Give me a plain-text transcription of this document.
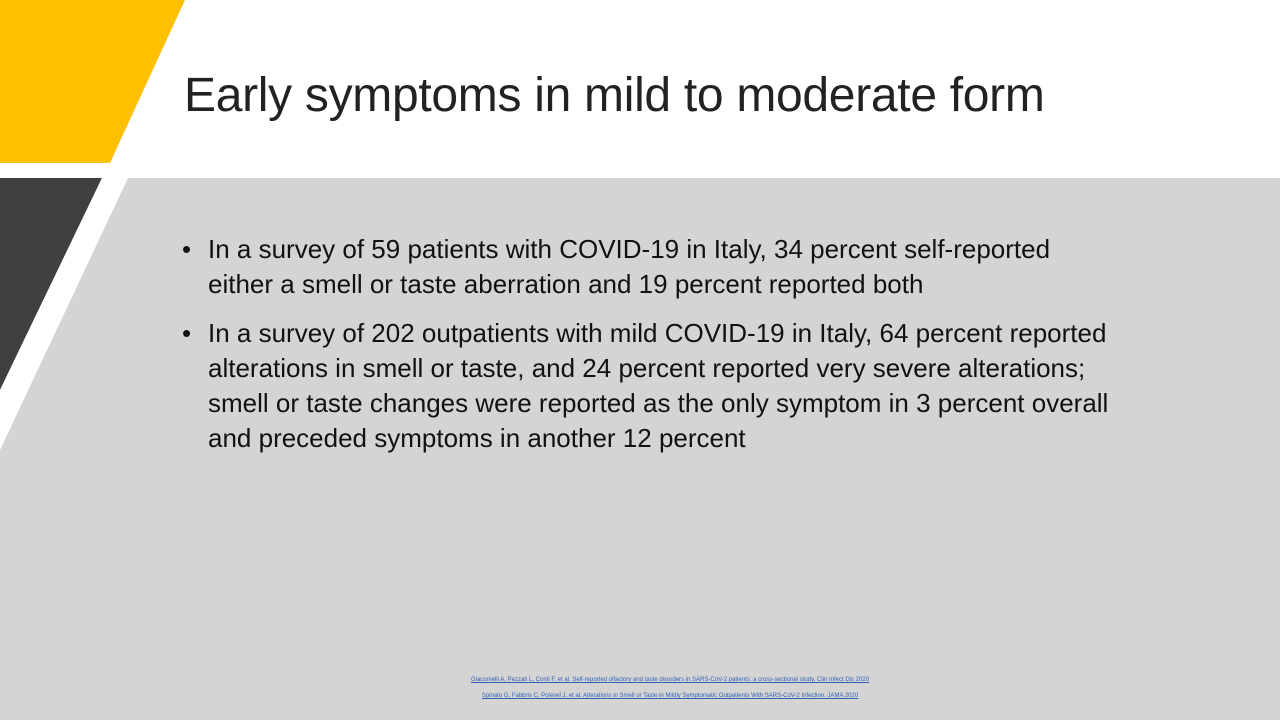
Early symptoms in mild to moderate form
• In a survey of 59 patients with COVID-19 in Italy, 34 percent self-reported either a smell or taste aberration and 19 percent reported both
• In a survey of 202 outpatients with mild COVID-19 in Italy, 64 percent reported alterations in smell or taste, and 24 percent reported very severe alterations; smell or taste changes were reported as the only symptom in 3 percent overall and preceded symptoms in another 12 percent
Giacomelli A, Pezzati L, Conti F, et al. Self-reported olfactory and taste disorders in SARS-CoV-2 patients: a cross-sectional study. Clin Infect Dis 2020
Spinato G, Fabbris C, Polesel J, et al. Alterations in Smell or Taste in Mildly Symptomatic Outpatients With SARS-CoV-2 Infection. JAMA 2020
